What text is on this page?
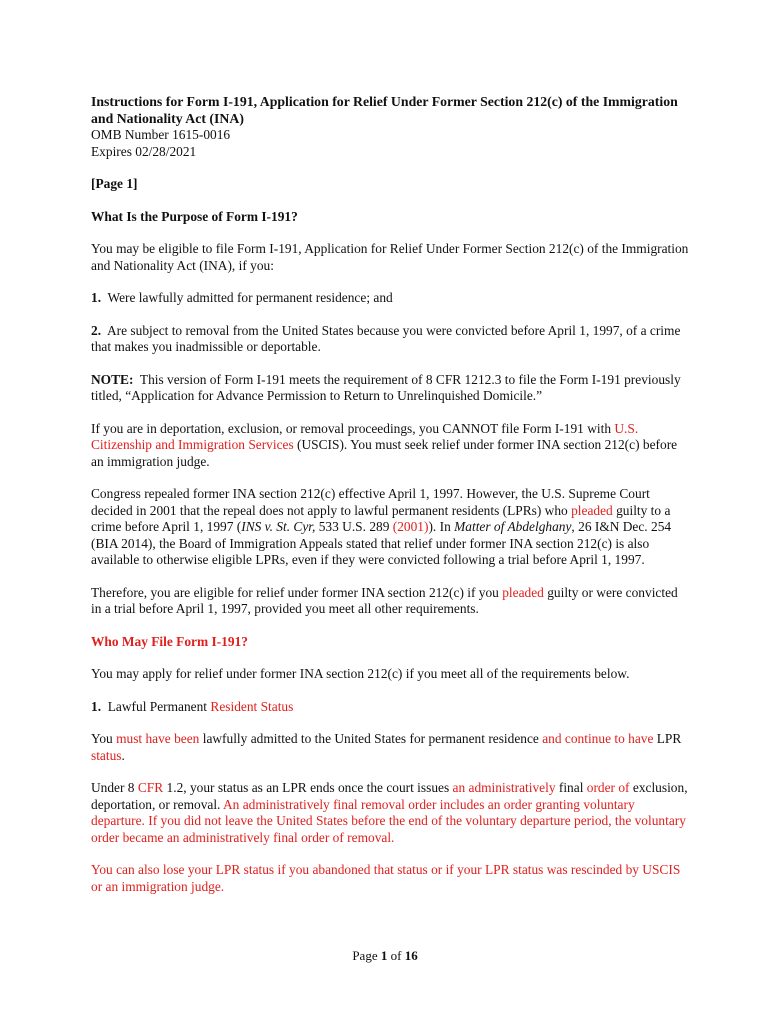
Instructions for Form I-191, Application for Relief Under Former Section 212(c) of the Immigration and Nationality Act (INA)

OMB Number 1615-0016

Expires 02/28/2021

[Page 1]

What Is the Purpose of Form I-191?

You may be eligible to file Form I-191, Application for Relief Under Former Section 212(c) of the Immigration and Nationality Act (INA), if you:

1. Were lawfully admitted for permanent residence; and

2. Are subject to removal from the United States because you were convicted before April 1, 1997, of a crime that makes you inadmissible or deportable.

NOTE: This version of Form I-191 meets the requirement of 8 CFR 1212.3 to file the Form I-191 previously titled, “Application for Advance Permission to Return to Unrelinquished Domicile.”

If you are in deportation, exclusion, or removal proceedings, you CANNOT file Form I-191 with U.S. Citizenship and Immigration Services (USCIS). You must seek relief under former INA section 212(c) before an immigration judge.

Congress repealed former INA section 212(c) effective April 1, 1997. However, the U.S. Supreme Court decided in 2001 that the repeal does not apply to lawful permanent residents (LPRs) who pleaded guilty to a crime before April 1, 1997 (INS v. St. Cyr, 533 U.S. 289 (2001)). In Matter of Abdelghany, 26 I&N Dec. 254 (BIA 2014), the Board of Immigration Appeals stated that relief under former INA section 212(c) is also available to otherwise eligible LPRs, even if they were convicted following a trial before April 1, 1997.

Therefore, you are eligible for relief under former INA section 212(c) if you pleaded guilty or were convicted in a trial before April 1, 1997, provided you meet all other requirements.

Who May File Form I-191?

You may apply for relief under former INA section 212(c) if you meet all of the requirements below.

1. Lawful Permanent Resident Status

You must have been lawfully admitted to the United States for permanent residence and continue to have LPR status.

Under 8 CFR 1.2, your status as an LPR ends once the court issues an administratively final order of exclusion, deportation, or removal. An administratively final removal order includes an order granting voluntary departure. If you did not leave the United States before the end of the voluntary departure period, the voluntary order became an administratively final order of removal.

You can also lose your LPR status if you abandoned that status or if your LPR status was rescinded by USCIS or an immigration judge.

Page 1 of 16
